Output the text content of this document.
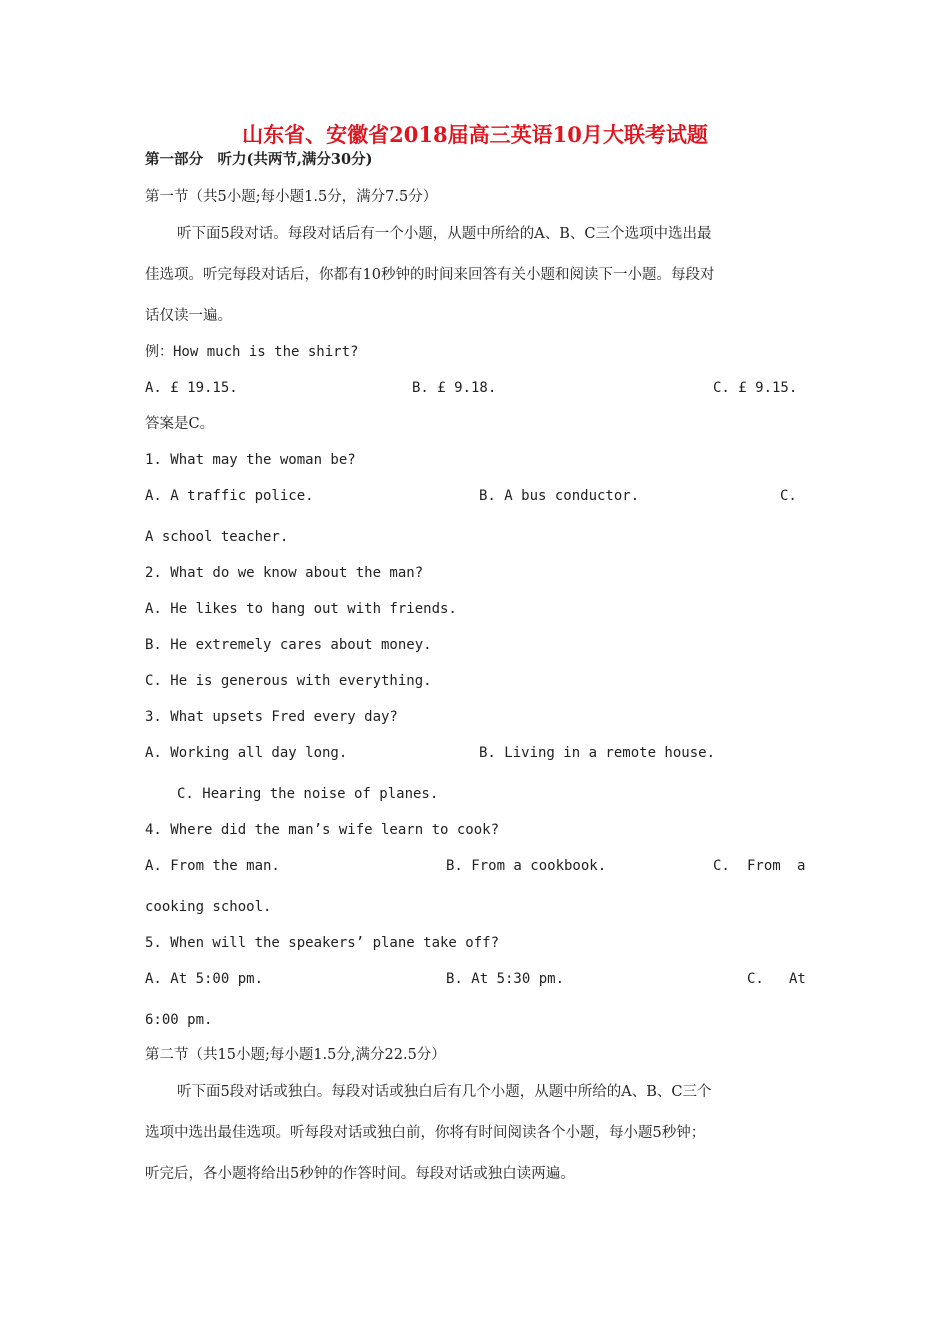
山东省、安徽省2018届高三英语10月大联考试题
第一部分　听力(共两节,满分30分)
第一节（共5小题;每小题1.5分，满分7.5分）
听下面5段对话。每段对话后有一个小题，从题中所给的A、B、C三个选项中选出最
佳选项。听完每段对话后，你都有10秒钟的时间来回答有关小题和阅读下一小题。每段对
话仅读一遍。
例：How much is the shirt?
A. £ 19.15.	B. £ 9.18.	C. £ 9.15.
答案是C。
1. What may the woman be?
A. A traffic police.	B. A bus conductor.	C.
A school teacher.
2. What do we know about the man?
A. He likes to hang out with friends.
B. He extremely cares about money.
C. He is generous with everything.
3. What upsets Fred every day?
A. Working all day long.	B. Living in a remote house.
C. Hearing the noise of planes.
4. Where did the man’s wife learn to cook?
A. From the man.	B. From a cookbook.	C. From a
cooking school.
5. When will the speakers’ plane take off?
A. At 5:00 pm.	B. At 5:30 pm.	C. At
6:00 pm.
第二节（共15小题;每小题1.5分,满分22.5分）
听下面5段对话或独白。每段对话或独白后有几个小题，从题中所给的A、B、C三个
选项中选出最佳选项。听每段对话或独白前，你将有时间阅读各个小题，每小题5秒钟；
听完后，各小题将给出5秒钟的作答时间。每段对话或独白读两遍。
